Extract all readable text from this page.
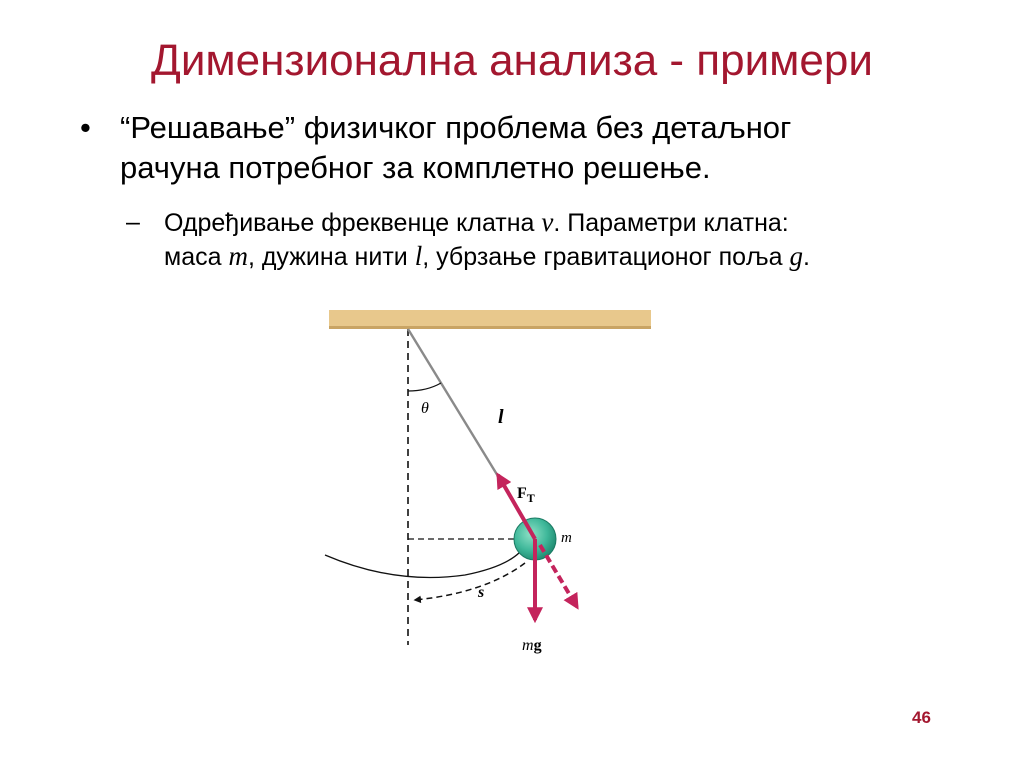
Димензионална анализа - примери
• “Решавање” физичког проблема без детаљног
рачуна потребног за комплетно решење.
– Одређивање фреквенце клатна ν. Параметри клатна:
маса m, дужина нити l, убрзање гравитационог поља g.
θ	l
s
$F_T$
m
mg
46
